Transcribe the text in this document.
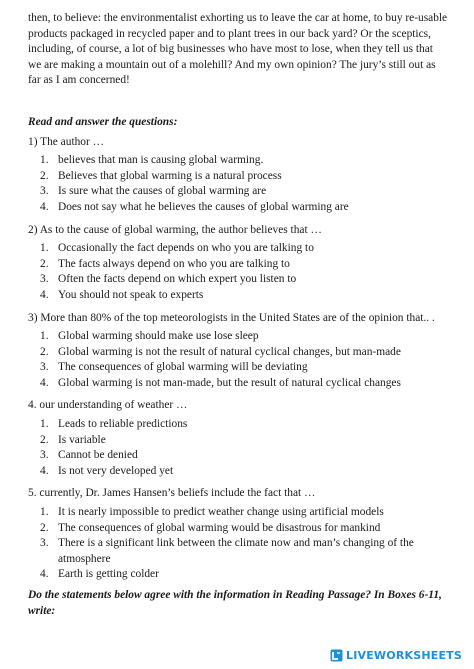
then, to believe: the environmentalist exhorting us to leave the car at home, to buy re-usable products packaged in recycled paper and to plant trees in our back yard? Or the sceptics, including, of course, a lot of big businesses who have most to lose, when they tell us that we are making a mountain out of a molehill? And my own opinion? The jury’s still out as far as I am concerned!

Read and answer the questions:

1) The author …

1. believes that man is causing global warming.
2. Believes that global warming is a natural process
3. Is sure what the causes of global warming are
4. Does not say what he believes the causes of global warming are

2) As to the cause of global warming, the author believes that …

1. Occasionally the fact depends on who you are talking to
2. The facts always depend on who you are talking to
3. Often the facts depend on which expert you listen to
4. You should not speak to experts

3) More than 80% of the top meteorologists in the United States are of the opinion that.. .

1. Global warming should make use lose sleep
2. Global warming is not the result of natural cyclical changes, but man-made
3. The consequences of global warming will be deviating
4. Global warming is not man-made, but the result of natural cyclical changes

4. our understanding of weather …

1. Leads to reliable predictions
2. Is variable
3. Cannot be denied
4. Is not very developed yet

5. currently, Dr. James Hansen’s beliefs include the fact that …

1. It is nearly impossible to predict weather change using artificial models
2. The consequences of global warming would be disastrous for mankind
3. There is a significant link between the climate now and man’s changing of the atmosphere
4. Earth is getting colder

Do the statements below agree with the information in Reading Passage? In Boxes 6-11, write:

LIVEWORKSHEETS
